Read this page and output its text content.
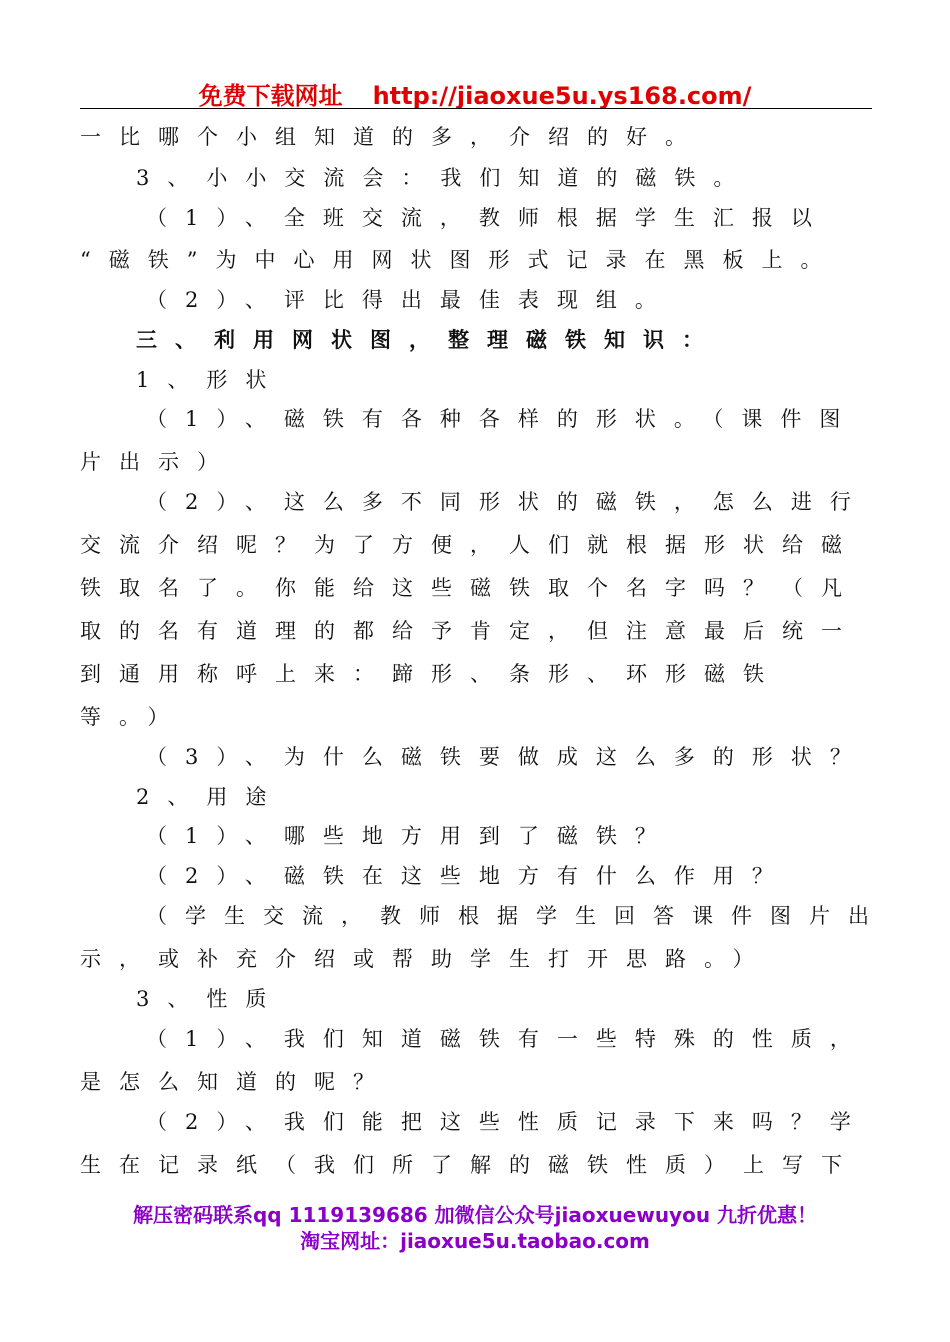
免费下载网址 http://jiaoxue5u.ys168.com/
一比哪个小组知道的多，介绍的好。
3、小小交流会：我们知道的磁铁。
（1）、全班交流，教师根据学生汇报以
“磁铁”为中心用网状图形式记录在黑板上。
（2）、评比得出最佳表现组。
三、利用网状图，整理磁铁知识：
1、形状
（1）、磁铁有各种各样的形状。（课件图
片出示）
（2）、这么多不同形状的磁铁，怎么进行
交流介绍呢？为了方便，人们就根据形状给磁
铁取名了。你能给这些磁铁取个名字吗？（凡
取的名有道理的都给予肯定，但注意最后统一
到通用称呼上来：蹄形、条形、环形磁铁
等。）
（3）、为什么磁铁要做成这么多的形状？
2、用途
（1）、哪些地方用到了磁铁？
（2）、磁铁在这些地方有什么作用？
（学生交流，教师根据学生回答课件图片出
示，或补充介绍或帮助学生打开思路。）
3、性质
（1）、我们知道磁铁有一些特殊的性质，
是怎么知道的呢？
（2）、我们能把这些性质记录下来吗？学
生在记录纸（我们所了解的磁铁性质）上写下
解压密码联系qq 1119139686 加微信公众号jiaoxuewuyou 九折优惠！
淘宝网址：jiaoxue5u.taobao.com
